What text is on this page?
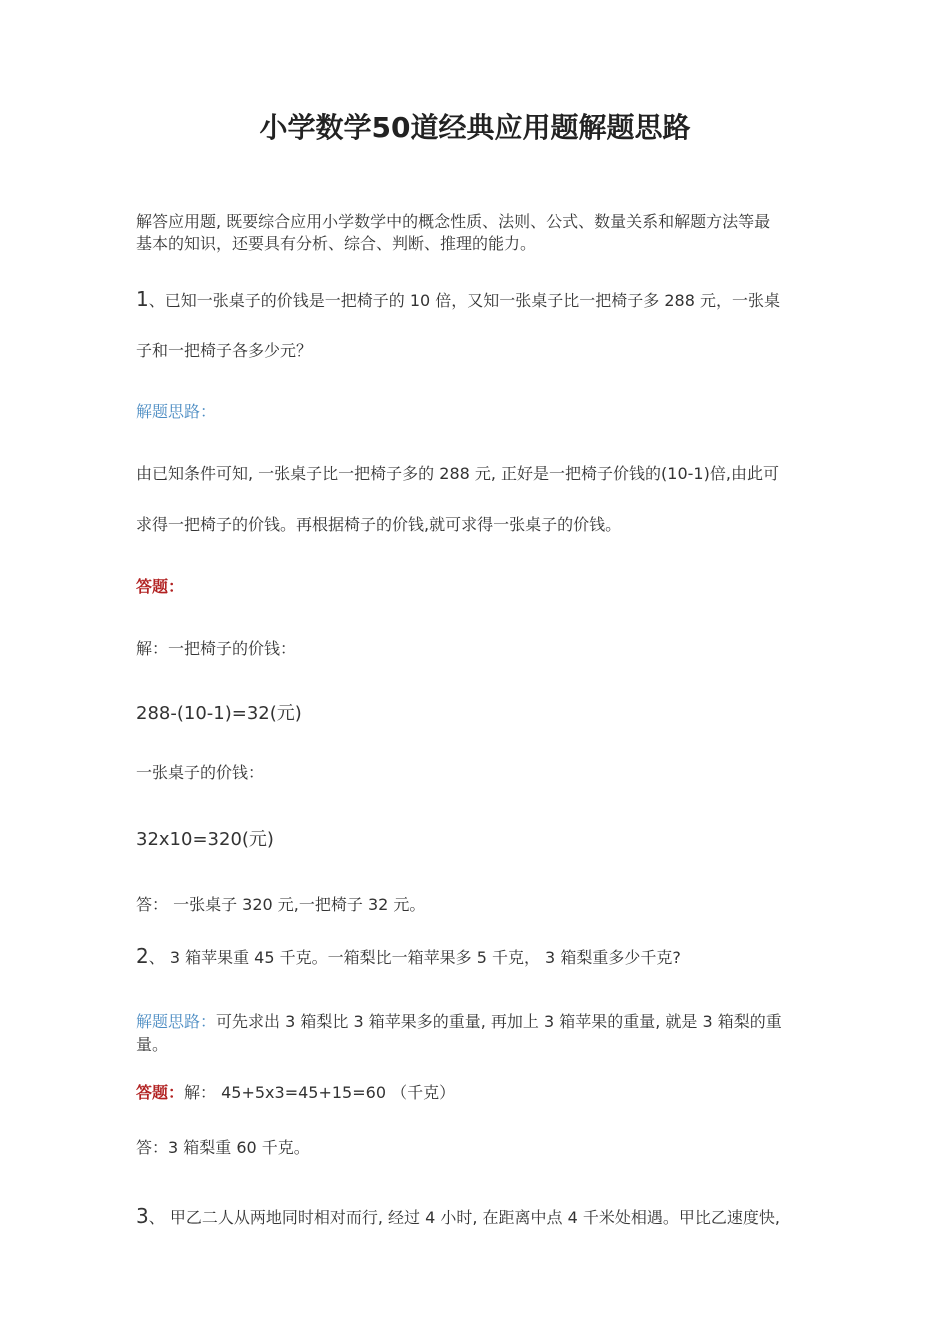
小学数学50道经典应用题解题思路
解答应用题, 既要综合应用小学数学中的概念性质、法则、公式、数量关系和解题方法等最
基本的知识，还要具有分析、综合、判断、推理的能力。
1、已知一张桌子的价钱是一把椅子的 10 倍，又知一张桌子比一把椅子多 288 元，一张桌
子和一把椅子各多少元？
解题思路：
由已知条件可知, 一张桌子比一把椅子多的 288 元, 正好是一把椅子价钱的(10-1)倍,由此可
求得一把椅子的价钱。再根据椅子的价钱,就可求得一张桌子的价钱。
答题：
解：一把椅子的价钱：
288-(10-1)=32(元)
一张桌子的价钱：
32x10=320(元)
答： 一张桌子 320 元,一把椅子 32 元。
2、 3 箱苹果重 45 千克。一箱梨比一箱苹果多 5 千克， 3 箱梨重多少千克?
解题思路：可先求出 3 箱梨比 3 箱苹果多的重量, 再加上 3 箱苹果的重量, 就是 3 箱梨的重
量。
答题：解： 45+5x3=45+15=60 （千克）
答：3 箱梨重 60 千克。
3、 甲乙二人从两地同时相对而行, 经过 4 小时, 在距离中点 4 千米处相遇。甲比乙速度快,
